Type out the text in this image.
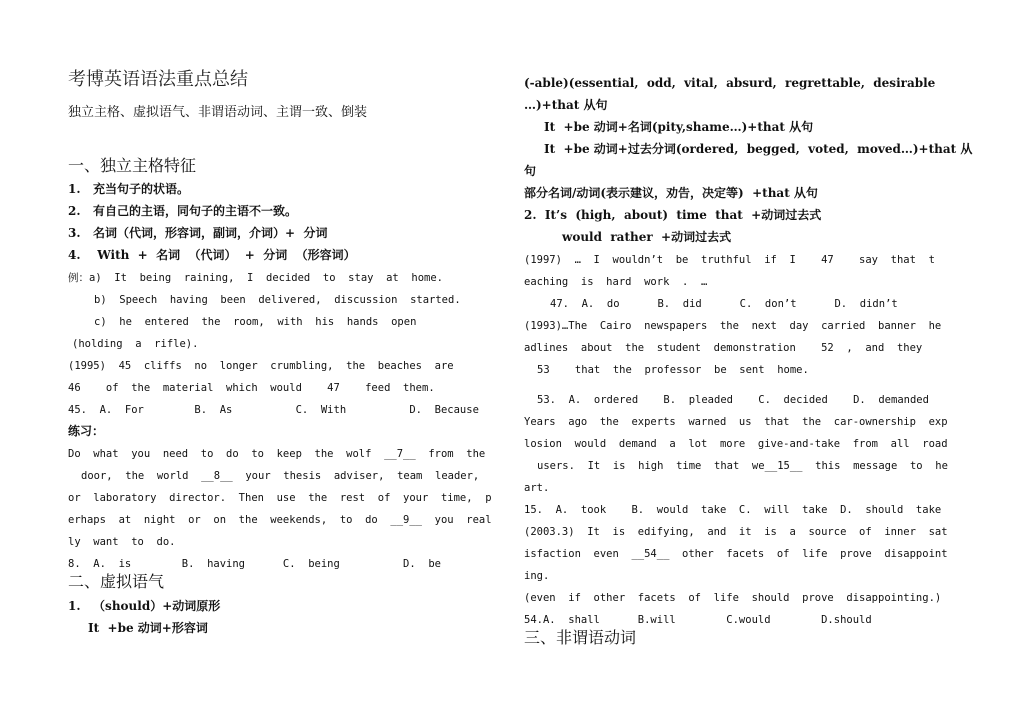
考博英语语法重点总结
独立主格、虚拟语气、非谓语动词、主谓一致、倒装
一、独立主格特征
1.   充当句子的状语。
2.   有自己的主语，同句子的主语不一致。
3.   名词（代词，形容词，副词，介词）+  分词
4.    With  +  名词  （代词）  +  分词  （形容词）
例：a)  It  being  raining,  I  decided  to  stay  at  home.
b)  Speech  having  been  delivered,  discussion  started.
c)  he  entered  the  room,  with  his  hands  open
(holding  a  rifle).
(1995)  45  cliffs  no  longer  crumbling,  the  beaches  are
46    of  the  material  which  would    47    feed  them.
45.  A.  For        B.  As          C.  With          D.  Because
练习：
Do  what  you  need  to  do  to  keep  the  wolf  __7__  from  the
door,  the  world  __8__  your  thesis  adviser,  team  leader,
or  laboratory  director.  Then  use  the  rest  of  your  time,  p
erhaps  at  night  or  on  the  weekends,  to  do  __9__  you  real
ly  want  to  do.
8.  A.  is        B.  having      C.  being          D.  be
二、虚拟语气
1.   （should）+动词原形
It  +be 动词+形容词
(-able)(essential,  odd,  vital,  absurd,  regrettable,  desirable
…)+that 从句
It  +be 动词+名词(pity,shame…)+that 从句
It  +be 动词+过去分词(ordered,  begged,  voted,  moved…)+that 从
句
部分名词/动词(表示建议，劝告，决定等)  +that 从句
2.  It’s  (high,  about)  time  that  +动词过去式
would  rather  +动词过去式
(1997)  …  I  wouldn’t  be  truthful  if  I    47    say  that  t
eaching  is  hard  work  .  …
47.  A.  do      B.  did      C.  don’t      D.  didn’t
(1993)…The  Cairo  newspapers  the  next  day  carried  banner  he
adlines  about  the  student  demonstration    52  ,  and  they
53    that  the  professor  be  sent  home.
53.  A.  ordered    B.  pleaded    C.  decided    D.  demanded
Years  ago  the  experts  warned  us  that  the  car-ownership  exp
losion  would  demand  a  lot  more  give-and-take  from  all  road
users.  It  is  high  time  that  we__15__  this  message  to  he
art.
15.  A.  took    B.  would  take  C.  will  take  D.  should  take
(2003.3)  It  is  edifying,  and  it  is  a  source  of  inner  sat
isfaction  even  __54__  other  facets  of  life  prove  disappoint
ing.
(even  if  other  facets  of  life  should  prove  disappointing.)
54.A.  shall      B.will        C.would        D.should
三、非谓语动词
